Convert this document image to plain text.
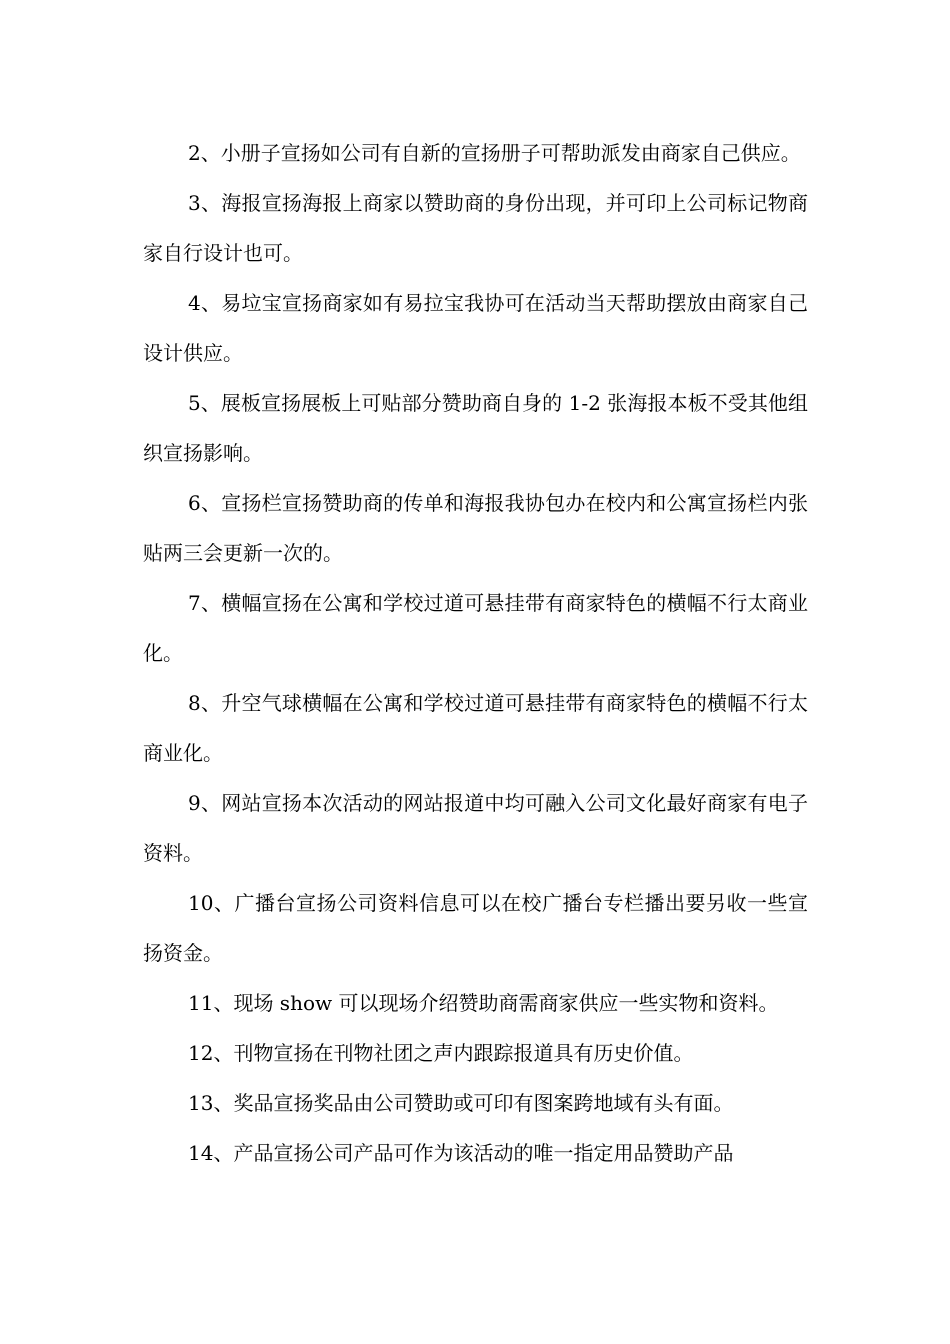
2、小册子宣扬如公司有自新的宣扬册子可帮助派发由商家自己供应。

3、海报宣扬海报上商家以赞助商的身份出现，并可印上公司标记物商家自行设计也可。

4、易垃宝宣扬商家如有易拉宝我协可在活动当天帮助摆放由商家自己设计供应。

5、展板宣扬展板上可贴部分赞助商自身的 1-2 张海报本板不受其他组织宣扬影响。

6、宣扬栏宣扬赞助商的传单和海报我协包办在校内和公寓宣扬栏内张贴两三会更新一次的。

7、横幅宣扬在公寓和学校过道可悬挂带有商家特色的横幅不行太商业化。

8、升空气球横幅在公寓和学校过道可悬挂带有商家特色的横幅不行太商业化。

9、网站宣扬本次活动的网站报道中均可融入公司文化最好商家有电子资料。

10、广播台宣扬公司资料信息可以在校广播台专栏播出要另收一些宣扬资金。

11、现场 show 可以现场介绍赞助商需商家供应一些实物和资料。

12、刊物宣扬在刊物社团之声内跟踪报道具有历史价值。

13、奖品宣扬奖品由公司赞助或可印有图案跨地域有头有面。

14、产品宣扬公司产品可作为该活动的唯一指定用品赞助产品
